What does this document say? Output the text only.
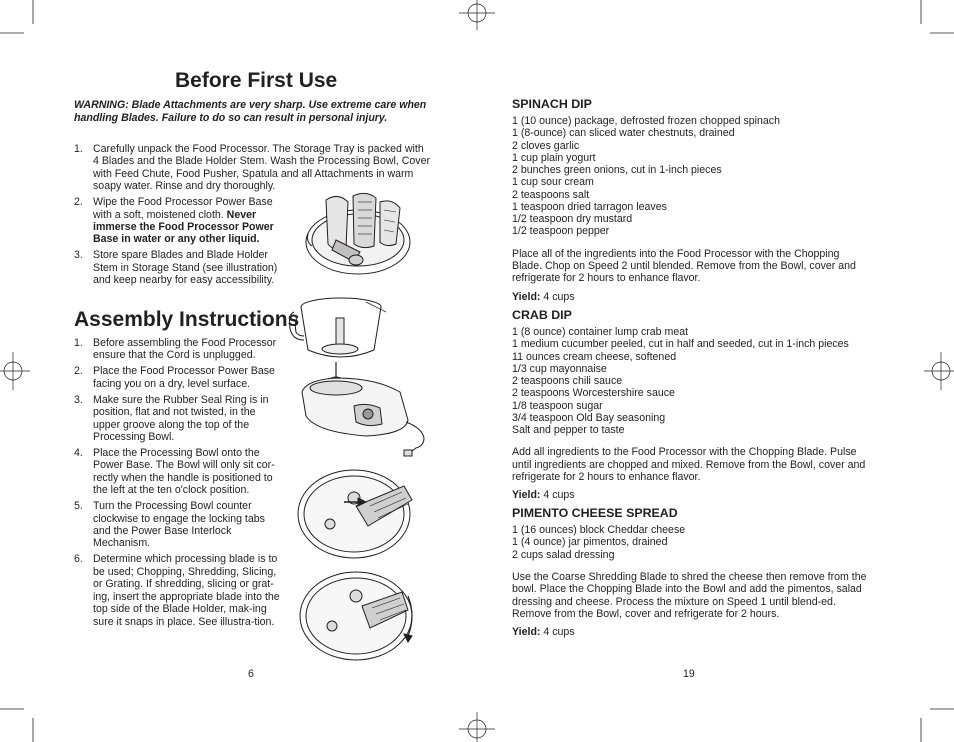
Before First Use
WARNING: Blade Attachments are very sharp. Use extreme care when handling Blades. Failure to do so can result in personal injury.
1. Carefully unpack the Food Processor. The Storage Tray is packed with 4 Blades and the Blade Holder Stem. Wash the Processing Bowl, Cover with Feed Chute, Food Pusher, Spatula and all Attachments in warm soapy water. Rinse and dry thoroughly.
2. Wipe the Food Processor Power Base with a soft, moistened cloth. Never immerse the Food Processor Power Base in water or any other liquid.
3. Store spare Blades and Blade Holder Stem in Storage Stand (see illustration) and keep nearby for easy accessibility.
Assembly Instructions
1. Before assembling the Food Processor ensure that the Cord is unplugged.
2. Place the Food Processor Power Base facing you on a dry, level surface.
3. Make sure the Rubber Seal Ring is in position, flat and not twisted, in the upper groove along the top of the Processing Bowl.
4. Place the Processing Bowl onto the Power Base. The Bowl will only sit cor-rectly when the handle is positioned to the left at the ten o'clock position.
5. Turn the Processing Bowl counter clockwise to engage the locking tabs and the Power Base Interlock Mechanism.
6. Determine which processing blade is to be used; Chopping, Shredding, Slicing, or Grating. If shredding, slicing or grat-ing, insert the appropriate blade into the top side of the Blade Holder, mak-ing sure it snaps in place. See illustra-tion.
6
SPINACH DIP
1 (10 ounce) package, defrosted frozen chopped spinach
1 (8-ounce) can sliced water chestnuts, drained
2 cloves garlic
1 cup plain yogurt
2 bunches green onions, cut in 1-inch pieces
1 cup sour cream
2 teaspoons salt
1 teaspoon dried tarragon leaves
1/2 teaspoon dry mustard
1/2 teaspoon pepper
Place all of the ingredients into the Food Processor with the Chopping Blade. Chop on Speed 2 until blended. Remove from the Bowl, cover and refrigerate for 2 hours to enhance flavor.
Yield: 4 cups
CRAB DIP
1 (8 ounce) container lump crab meat
1 medium cucumber peeled, cut in half and seeded, cut in 1-inch pieces
11 ounces cream cheese, softened
1/3 cup mayonnaise
2 teaspoons chili sauce
2 teaspoons Worcestershire sauce
1/8 teaspoon sugar
3/4 teaspoon Old Bay seasoning
Salt and pepper to taste
Add all ingredients to the Food Processor with the Chopping Blade. Pulse until ingredients are chopped and mixed. Remove from the Bowl, cover and refrigerate for 2 hours to enhance flavor.
Yield: 4 cups
PIMENTO CHEESE SPREAD
1 (16 ounces) block Cheddar cheese
1 (4 ounce) jar pimentos, drained
2 cups salad dressing
Use the Coarse Shredding Blade to shred the cheese then remove from the bowl. Place the Chopping Blade into the Bowl and add the pimentos, salad dressing and cheese. Process the mixture on Speed 1 until blend-ed. Remove from the Bowl, cover and refrigerate for 2 hours.
Yield: 4 cups
19
